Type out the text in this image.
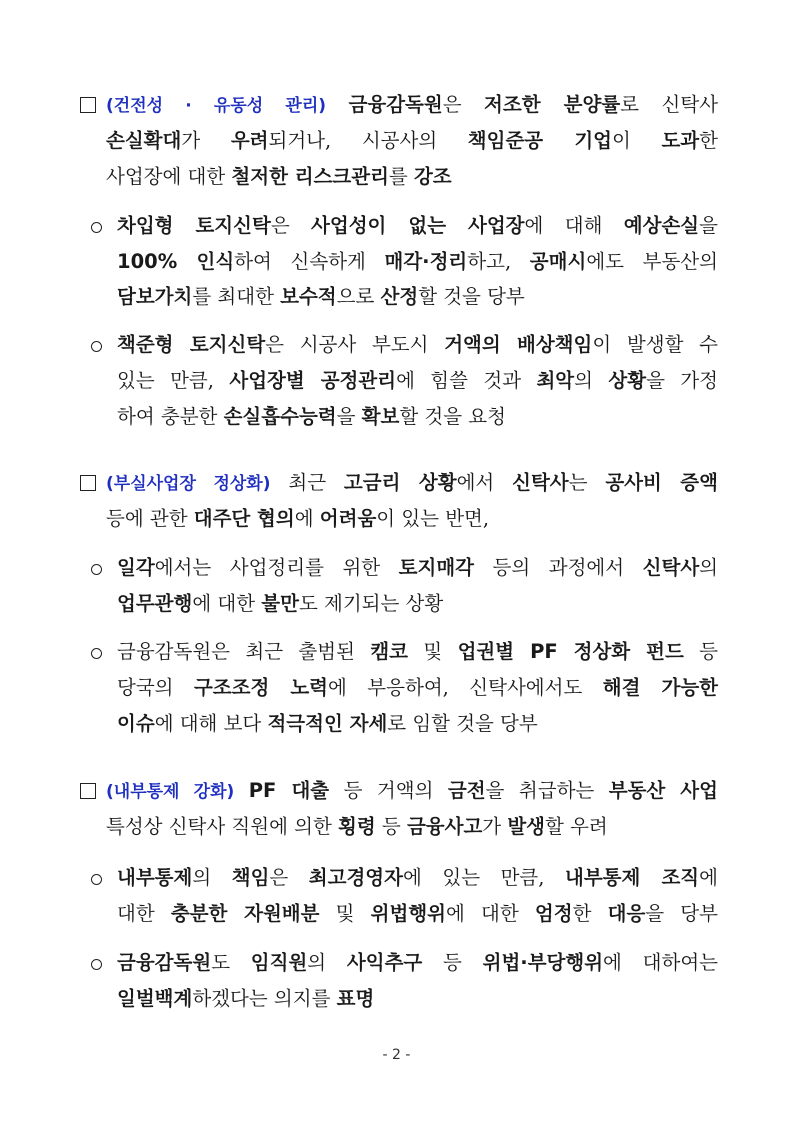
(건전성 · 유동성 관리) 금융감독원은 저조한 분양률로 신탁사
손실확대가 우려되거나, 시공사의 책임준공 기업이 도과한
사업장에 대한 철저한 리스크관리를 강조
차입형 토지신탁은 사업성이 없는 사업장에 대해 예상손실을
100% 인식하여 신속하게 매각·정리하고, 공매시에도 부동산의
담보가치를 최대한 보수적으로 산정할 것을 당부
책준형 토지신탁은 시공사 부도시 거액의 배상책임이 발생할 수
있는 만큼, 사업장별 공정관리에 힘쓸 것과 최악의 상황을 가정
하여 충분한 손실흡수능력을 확보할 것을 요청
(부실사업장 정상화) 최근 고금리 상황에서 신탁사는 공사비 증액
등에 관한 대주단 협의에 어려움이 있는 반면,
일각에서는 사업정리를 위한 토지매각 등의 과정에서 신탁사의
업무관행에 대한 불만도 제기되는 상황
금융감독원은 최근 출범된 캠코 및 업권별 PF 정상화 펀드 등
당국의 구조조정 노력에 부응하여, 신탁사에서도 해결 가능한
이슈에 대해 보다 적극적인 자세로 임할 것을 당부
(내부통제 강화) PF 대출 등 거액의 금전을 취급하는 부동산 사업
특성상 신탁사 직원에 의한 횡령 등 금융사고가 발생할 우려
내부통제의 책임은 최고경영자에 있는 만큼, 내부통제 조직에
대한 충분한 자원배분 및 위법행위에 대한 엄정한 대응을 당부
금융감독원도 임직원의 사익추구 등 위법·부당행위에 대하여는
일벌백계하겠다는 의지를 표명
- 2 -
